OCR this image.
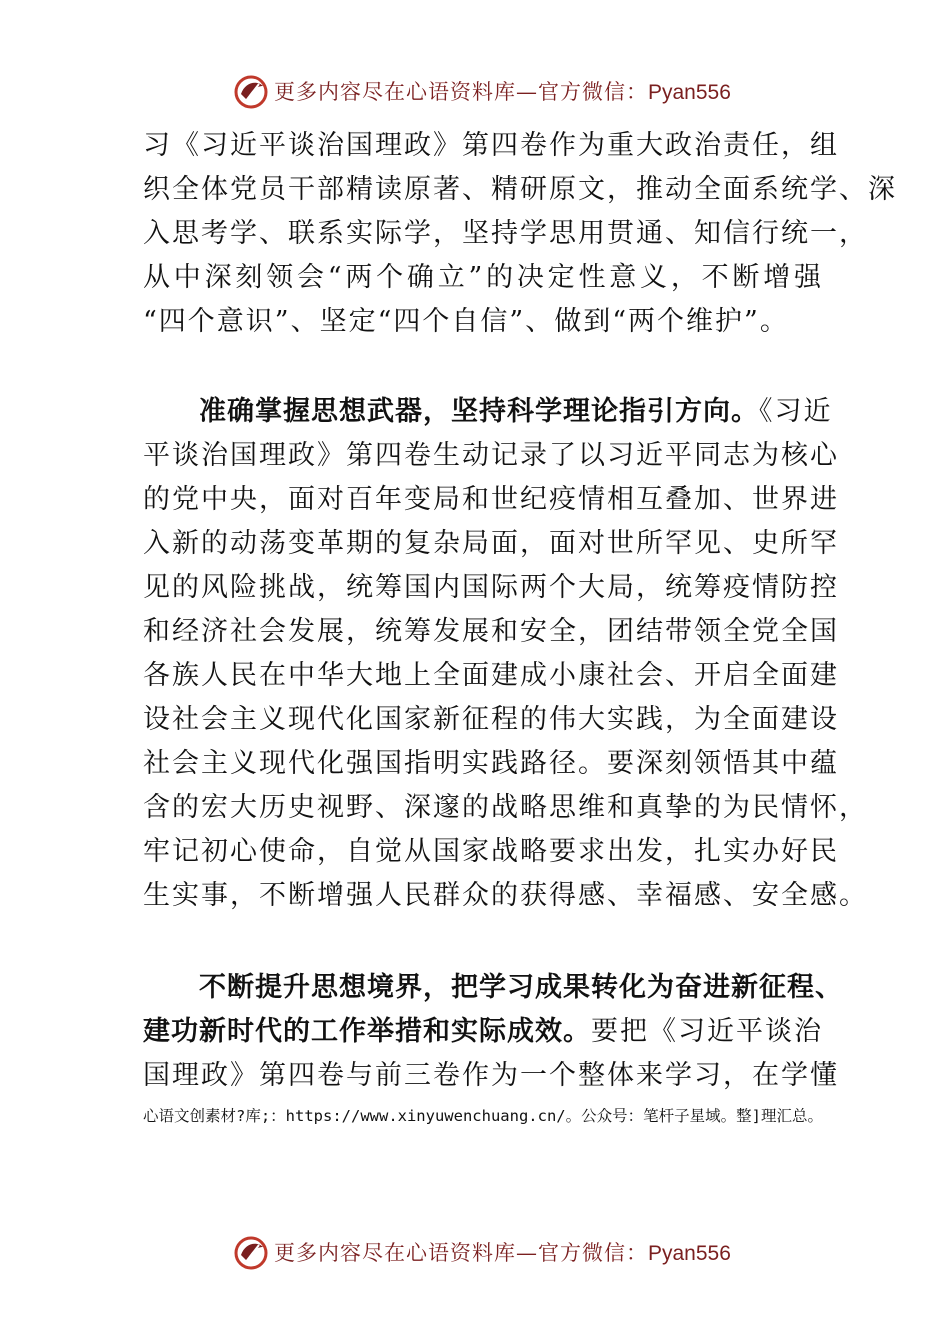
更多内容尽在心语资料库—官方微信：Pyan556
习《习近平谈治国理政》第四卷作为重大政治责任，组
织全体党员干部精读原著、精研原文，推动全面系统学、深
入思考学、联系实际学，坚持学思用贯通、知信行统一，
从中深刻领会“两个确立”的决定性意义，不断增强
“四个意识”、坚定“四个自信”、做到“两个维护”。
准确掌握思想武器，坚持科学理论指引方向。《习近
平谈治国理政》第四卷生动记录了以习近平同志为核心
的党中央，面对百年变局和世纪疫情相互叠加、世界进
入新的动荡变革期的复杂局面，面对世所罕见、史所罕
见的风险挑战，统筹国内国际两个大局，统筹疫情防控
和经济社会发展，统筹发展和安全，团结带领全党全国
各族人民在中华大地上全面建成小康社会、开启全面建
设社会主义现代化国家新征程的伟大实践，为全面建设
社会主义现代化强国指明实践路径。要深刻领悟其中蕴
含的宏大历史视野、深邃的战略思维和真挚的为民情怀，
牢记初心使命，自觉从国家战略要求出发，扎实办好民
生实事，不断增强人民群众的获得感、幸福感、安全感。
不断提升思想境界，把学习成果转化为奋进新征程、
建功新时代的工作举措和实际成效。要把《习近平谈治
国理政》第四卷与前三卷作为一个整体来学习，在学懂
心语文创素材?库;：https://www.xinyuwenchuang.cn/。公众号：笔杆子星域。整]理汇总。
更多内容尽在心语资料库—官方微信：Pyan556
